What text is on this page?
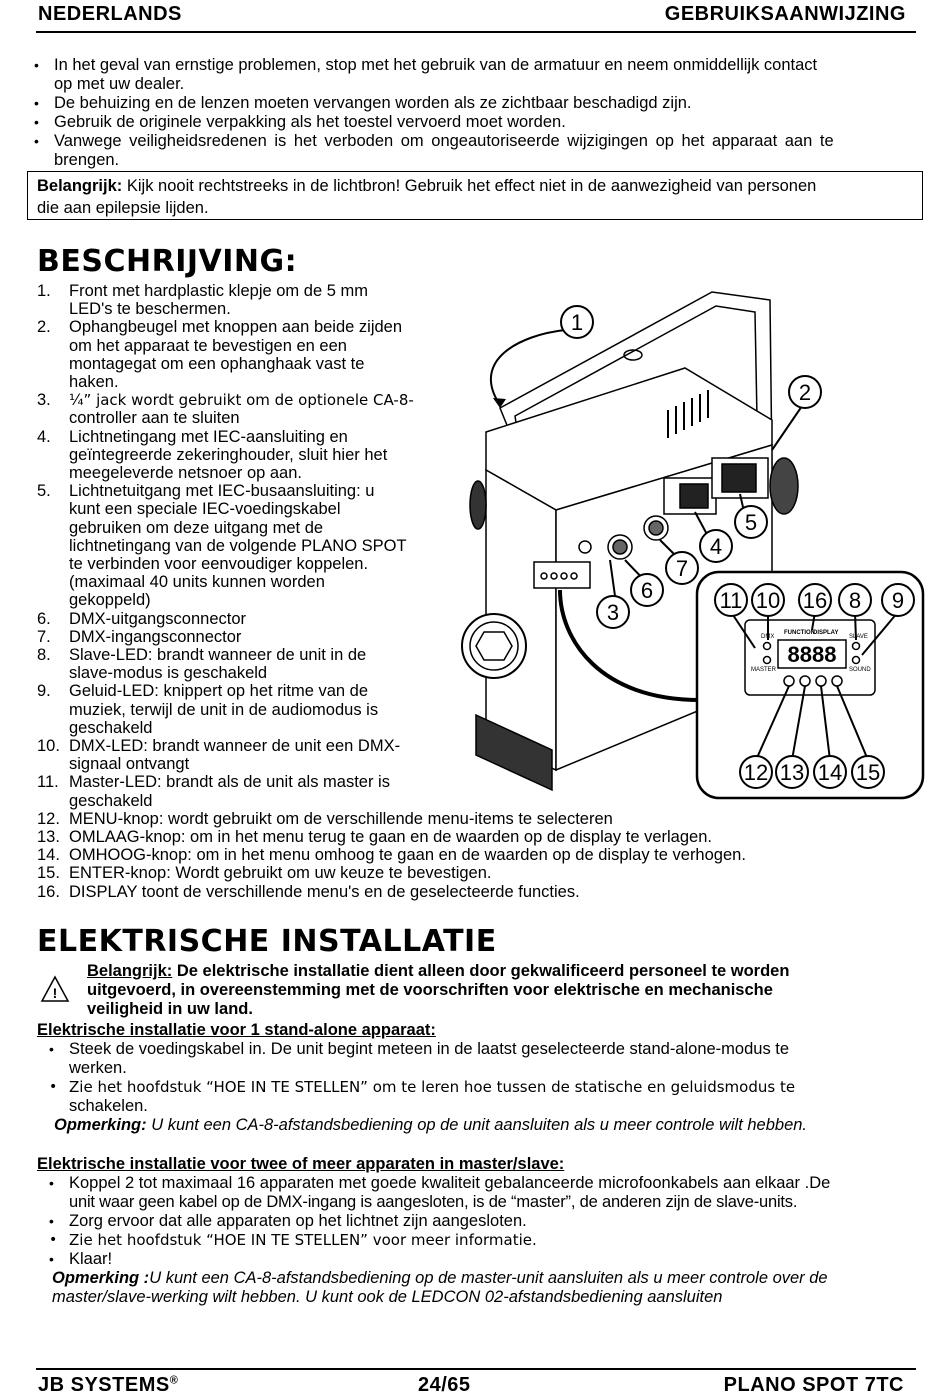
NEDERLANDS	GEBRUIKSAANWIJZING
• In het geval van ernstige problemen, stop met het gebruik van de armatuur en neem onmiddellijk contact
op met uw dealer.
• De behuizing en de lenzen moeten vervangen worden als ze zichtbaar beschadigd zijn.
• Gebruik de originele verpakking als het toestel vervoerd moet worden.
• Vanwege veiligheidsredenen is het verboden om ongeautoriseerde wijzigingen op het apparaat aan te
brengen.
Belangrijk: Kijk nooit rechtstreeks in de lichtbron! Gebruik het effect niet in de aanwezigheid van personen
die aan epilepsie lijden.
BESCHRIJVING:
1. Front met hardplastic klepje om de 5 mm
LED's te beschermen.
2. Ophangbeugel met knoppen aan beide zijden
om het apparaat te bevestigen en een
montagegat om een ophanghaak vast te
haken.
3. ¼” jack wordt gebruikt om de optionele CA-8-
controller aan te sluiten
4. Lichtnetingang met IEC-aansluiting en
geïntegreerde zekeringhouder, sluit hier het
meegeleverde netsnoer op aan.
5. Lichtnetuitgang met IEC-busaansluiting: u
kunt een speciale IEC-voedingskabel
gebruiken om deze uitgang met de
lichtnetingang van de volgende PLANO SPOT
te verbinden voor eenvoudiger koppelen.
(maximaal 40 units kunnen worden
gekoppeld)
6. DMX-uitgangsconnector
7. DMX-ingangsconnector
8. Slave-LED: brandt wanneer de unit in de
slave-modus is geschakeld
9. Geluid-LED: knippert op het ritme van de
muziek, terwijl de unit in de audiomodus is
geschakeld
10. DMX-LED: brandt wanneer de unit een DMX-
signaal ontvangt
11. Master-LED: brandt als de unit als master is
geschakeld
12. MENU-knop: wordt gebruikt om de verschillende menu-items te selecteren
13. OMLAAG-knop: om in het menu terug te gaan en de waarden op de display te verlagen.
14. OMHOOG-knop: om in het menu omhoog te gaan en de waarden op de display te verhogen.
15. ENTER-knop: Wordt gebruikt om uw keuze te bevestigen.
16. DISPLAY toont de verschillende menu's en de geselecteerde functies.
FUNCTION
DISPLAY
DMX	SLAVE
MASTER	SOUND
8888
1
2
3
4
5
6
7
11 10 16 8 9
12 13 14 15
ELEKTRISCHE INSTALLATIE
!
Belangrijk: De elektrische installatie dient alleen door gekwalificeerd personeel te worden
uitgevoerd, in overeenstemming met de voorschriften voor elektrische en mechanische
veiligheid in uw land.
Elektrische installatie voor 1 stand-alone apparaat:
• Steek de voedingskabel in. De unit begint meteen in de laatst geselecteerde stand-alone-modus te
werken.
• Zie het hoofdstuk “HOE IN TE STELLEN” om te leren hoe tussen de statische en geluidsmodus te
schakelen.
Opmerking: U kunt een CA-8-afstandsbediening op de unit aansluiten als u meer controle wilt hebben.
Elektrische installatie voor twee of meer apparaten in master/slave:
• Koppel 2 tot maximaal 16 apparaten met goede kwaliteit gebalanceerde microfoonkabels aan elkaar .De
unit waar geen kabel op de DMX-ingang is aangesloten, is de “master”, de anderen zijn de slave-units.
• Zorg ervoor dat alle apparaten op het lichtnet zijn aangesloten.
• Zie het hoofdstuk “HOE IN TE STELLEN” voor meer informatie.
• Klaar!
Opmerking :U kunt een CA-8-afstandsbediening op de master-unit aansluiten als u meer controle over de
master/slave-werking wilt hebben. U kunt ook de LEDCON 02-afstandsbediening aansluiten
JB SYSTEMS®	24/65	PLANO SPOT 7TC
